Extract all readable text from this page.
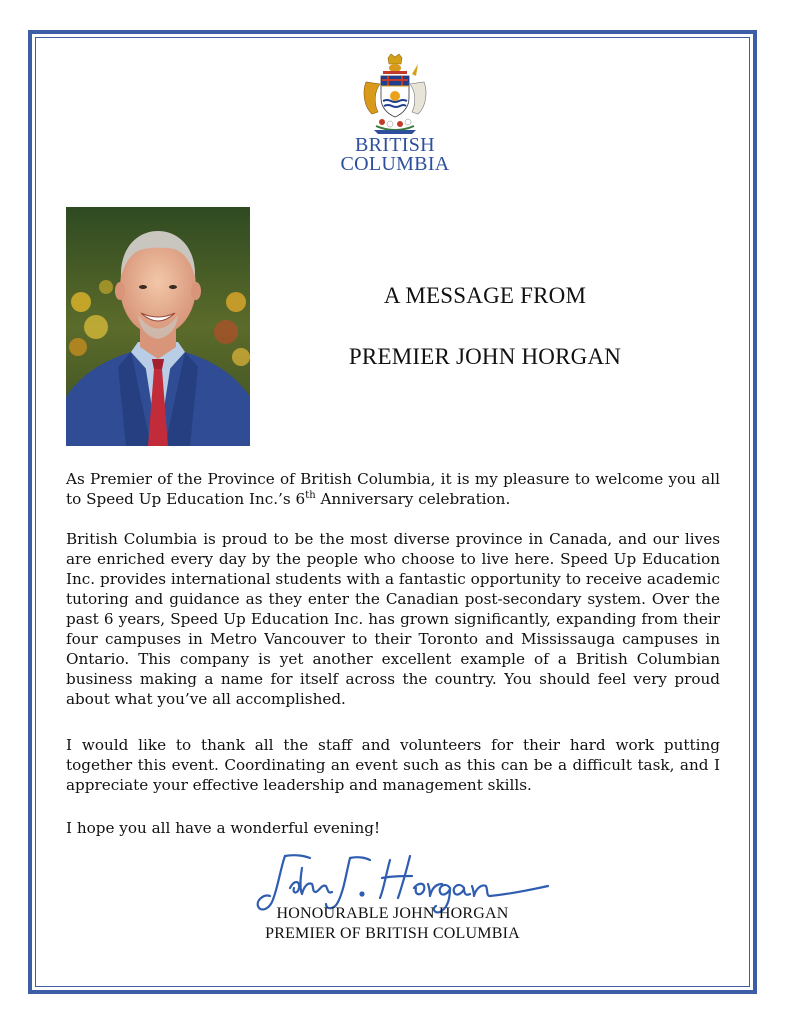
BRITISH
COLUMBIA
A MESSAGE FROM
PREMIER JOHN HORGAN
As Premier of the Province of British Columbia, it is my pleasure to welcome you all to Speed Up Education Inc.’s 6th Anniversary celebration.
British Columbia is proud to be the most diverse province in Canada, and our lives are enriched every day by the people who choose to live here. Speed Up Education Inc. provides international students with a fantastic opportunity to receive academic tutoring and guidance as they enter the Canadian post-secondary system. Over the past 6 years, Speed Up Education Inc. has grown significantly, expanding from their four campuses in Metro Vancouver to their Toronto and Mississauga campuses in Ontario. This company is yet another excellent example of a British Columbian business making a name for itself across the country. You should feel very proud about what you’ve all accomplished.
I would like to thank all the staff and volunteers for their hard work putting together this event. Coordinating an event such as this can be a difficult task, and I appreciate your effective leadership and management skills.
I hope you all have a wonderful evening!
HONOURABLE JOHN HORGAN
PREMIER OF BRITISH COLUMBIA
